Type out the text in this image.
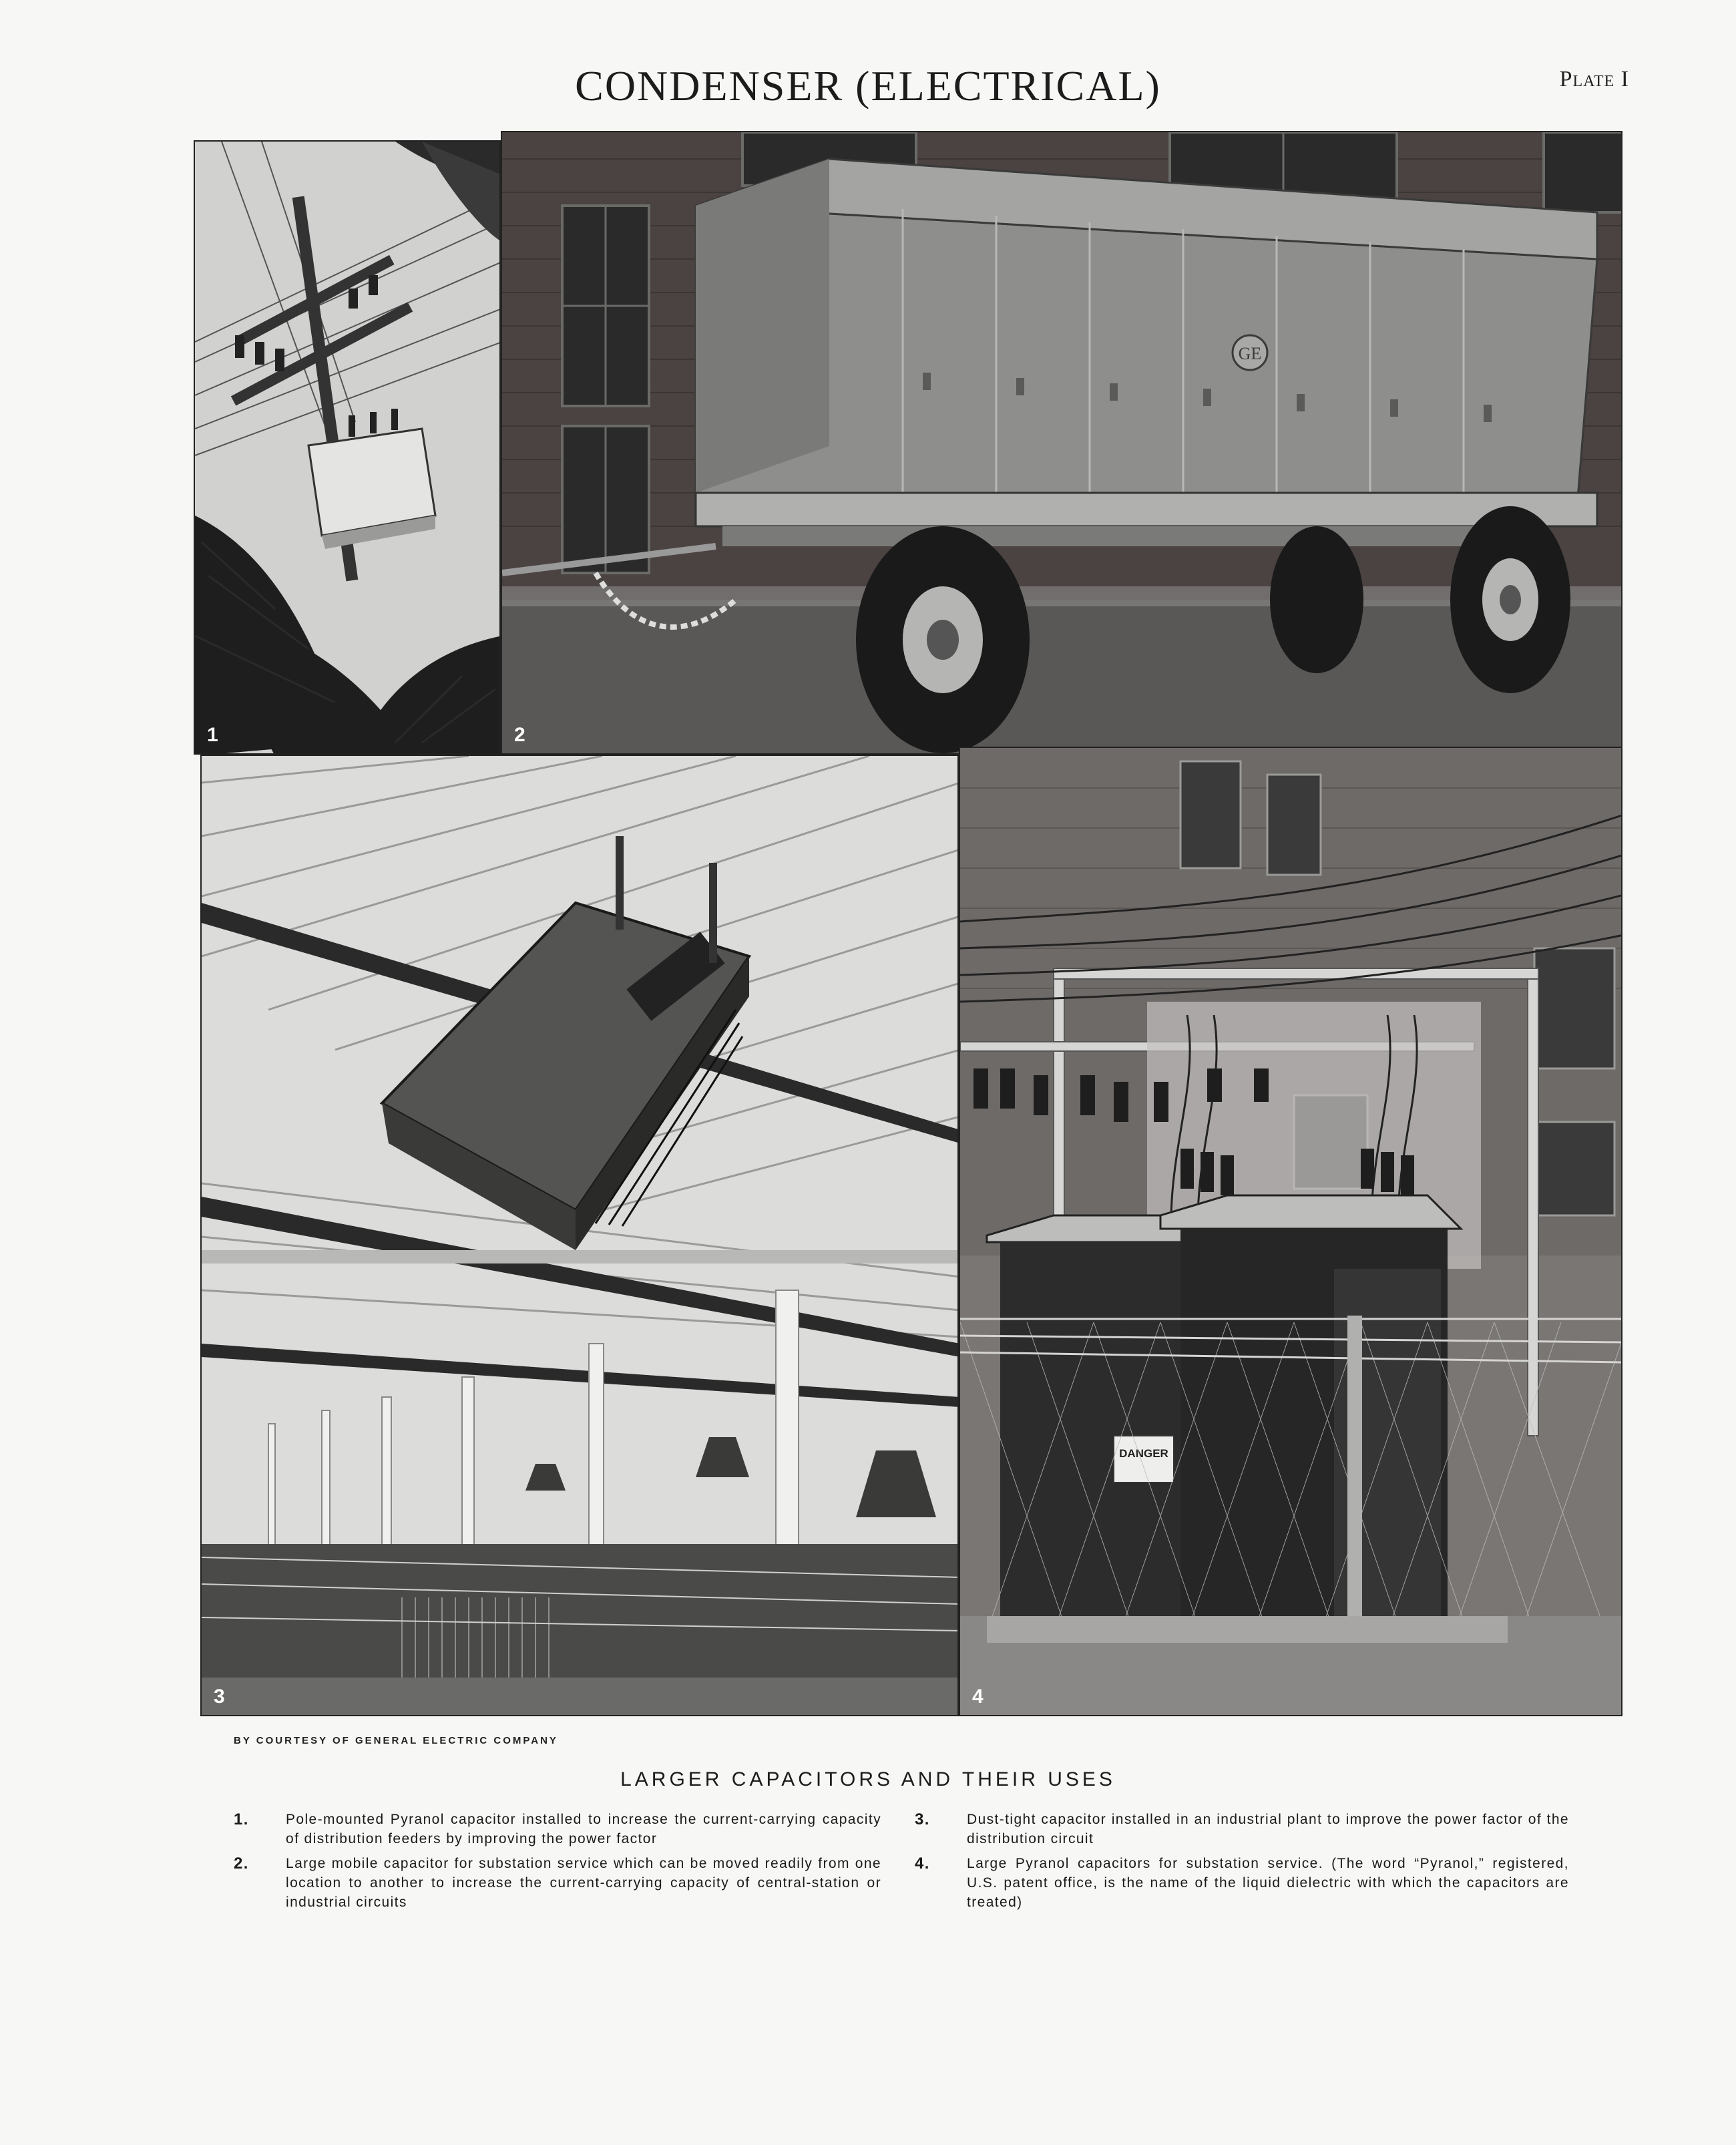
CONDENSER (ELECTRICAL)	Plate I
1
GE
2
3
DANGER
4
BY COURTESY OF GENERAL ELECTRIC COMPANY
LARGER CAPACITORS AND THEIR USES
1.	Pole-mounted Pyranol capacitor installed to increase the current-carrying capacity of distribution feeders by improving the power factor
2.	Large mobile capacitor for substation service which can be moved readily from one location to another to increase the current-carrying capacity of central-station or industrial circuits
3.	Dust-tight capacitor installed in an industrial plant to improve the power factor of the distribution circuit
4.	Large Pyranol capacitors for substation service. (The word “Pyranol,” registered, U.S. patent office, is the name of the liquid dielectric with which the capacitors are treated)
